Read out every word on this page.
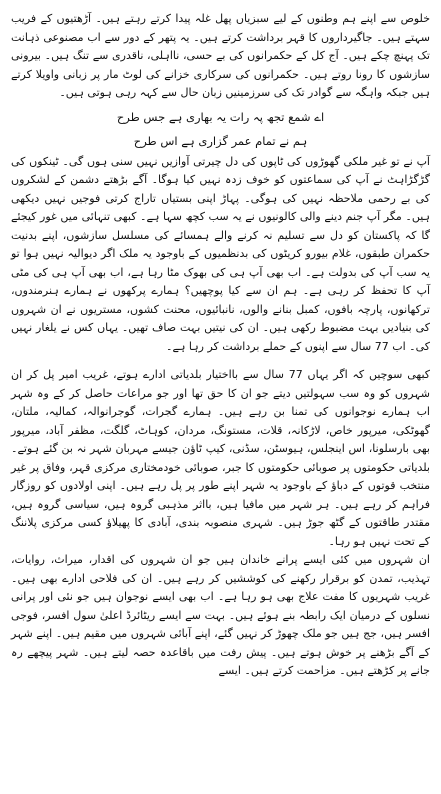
خلوص سے اپنے ہم وطنوں کے لیے سبزیاں پھل غلہ پیدا کرتے رہتے ہیں۔ آڑھتیوں کے فریب سہتے ہیں۔ جاگیرداروں کا قہر برداشت کرتے ہیں۔ یہ پتھر کے دور سے اب مصنوعی ذہانت تک پہنچ چکے ہیں۔ آج کل کے حکمرانوں کی بے حسی، نااہلی، ناقدری سے تنگ ہیں۔ بیرونی سازشوں کا رونا روتے ہیں۔ حکمرانوں کی سرکاری خزانے کی لوٹ مار پر زبانی واویلا کرتے ہیں جبکہ واہگہ سے گوادر تک کی سرزمینیں زبان حال سے کہہ رہی ہوتی ہیں۔

اے شمع تجھ پہ رات یہ بھاری ہے جس طرح

ہم نے تمام عمر گزاری ہے اس طرح

آپ نے تو غیر ملکی گھوڑوں کی ٹاپوں کی دل چیرتی آوازیں نہیں سنی ہوں گی۔ ٹینکوں کی گڑگڑاہٹ نے آپ کی سماعتوں کو خوف زدہ نہیں کیا ہوگا۔ آگے بڑھتے دشمن کے لشکروں کی بے رحمی ملاحظہ نہیں کی ہوگی۔ پہاڑ اپنی بستیاں تاراج کرتی فوجیں نہیں دیکھی ہیں۔ مگر آپ جنم دینے والی کالونیوں نے یہ سب کچھ سہا ہے۔ کبھی تنہائی میں غور کیجئے گا کہ پاکستان کو دل سے تسلیم نہ کرنے والے ہمسائے کی مسلسل سازشوں، اپنے بدنیت حکمران طبقوں، غلام بیورو کریٹوں کی بدنظمیوں کے باوجود یہ ملک اگر دیوالیہ نہیں ہوا تو یہ سب آپ کی بدولت ہے۔ اب بھی آپ ہی کی بھوک مٹا رہا ہے، اب بھی آپ ہی کی مٹی آپ کا تحفظ کر رہی ہے۔ ہم ان سے کیا پوچھیں؟ ہمارے پرکھوں نے ہمارے ہنرمندوں، ترکھانوں، پارچہ بافوں، کمبل بنانے والوں، نانبائیوں، محنت کشوں، مستریوں نے ان شہروں کی بنیادیں بہت مضبوط رکھی ہیں۔ ان کی نیتیں بہت صاف تھیں۔ یہاں کس نے یلغار نہیں کی۔ اب 77 سال سے اپنوں کے حملے برداشت کر رہا ہے۔

کبھی سوچیں کہ اگر یہاں 77 سال سے بااختیار بلدیاتی ادارے ہوتے، غریب امیر پل کر ان شہروں کو وہ سب سہولتیں دیتے جو ان کا حق تھا اور جو مراعات حاصل کر کے وہ شہر اب ہمارے نوجوانوں کی تمنا بن رہے ہیں۔ ہمارے گجرات، گوجرانوالہ، کمالیہ، ملتان، گھوٹکی، میرپور خاص، لاڑکانہ، قلات، مستونگ، مردان، کوہاٹ، گلگت، مظفر آباد، میرپور بھی بارسلونا، اس اینجلس، ہیوسٹن، سڈنی، کیپ ٹاؤن جیسے مہربان شہر نہ بن گئے ہوتے۔ بلدیاتی حکومتوں پر صوبائی حکومتوں کا جبر، صوبائی خودمختاری مرکزی قہر، وفاق پر غیر منتخب قوتوں کے دباؤ کے باوجود یہ شہر اپنے طور پر پل رہے ہیں۔ اپنی اولادوں کو روزگار فراہم کر رہے ہیں۔ ہر شہر میں مافیا ہیں، بااثر مذہبی گروہ ہیں، سیاسی گروہ ہیں، مقتدر طاقتوں کے گٹھ جوڑ ہیں۔ شہری منصوبہ بندی، آبادی کا پھیلاؤ کسی مرکزی پلاننگ کے تحت نہیں ہو رہا۔

ان شہروں میں کئی ایسے پرانے خاندان ہیں جو ان شہروں کی اقدار، میراث، روایات، تہذیب، تمدن کو برقرار رکھنے کی کوششیں کر رہے ہیں۔ ان کی فلاحی ادارے بھی ہیں۔ غریب شہریوں کا مفت علاج بھی ہو رہا ہے۔ اب بھی ایسے نوجوان ہیں جو نئی اور پرانی نسلوں کے درمیان ایک رابطہ بنے ہوئے ہیں۔ بہت سے ایسے ریٹائرڈ اعلیٰ سول افسر، فوجی افسر ہیں، جج ہیں جو ملک چھوڑ کر نہیں گئے، اپنے آبائی شہروں میں مقیم ہیں۔ اپنے شہر کے آگے بڑھنے پر خوش ہوتے ہیں۔ پیش رفت میں باقاعدہ حصہ لیتے ہیں۔ شہر پیچھے رہ جانے پر کڑھتے ہیں۔ مزاحمت کرتے ہیں۔ ایسے
